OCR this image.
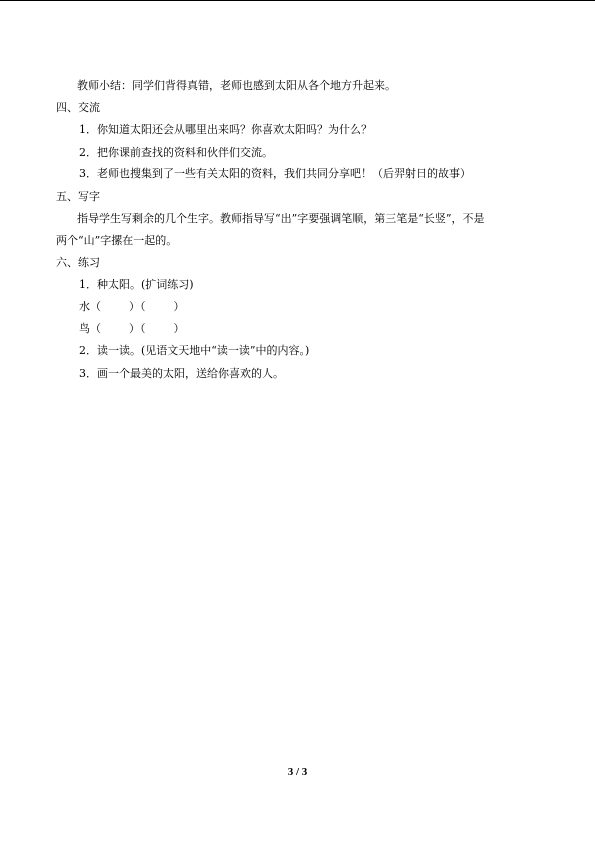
教师小结：同学们背得真错，老师也感到太阳从各个地方升起来。
四、交流
1．你知道太阳还会从哪里出来吗？你喜欢太阳吗？为什么？
2．把你课前查找的资料和伙伴们交流。
3．老师也搜集到了一些有关太阳的资料，我们共同分享吧！（后羿射日的故事）
五、写字
指导学生写剩余的几个生字。教师指导写“出”字要强调笔顺，第三笔是“长竖”，不是
两个“山”字摞在一起的。
六、练习
1．种太阳。(扩词练习)
水（	）（	）
鸟（	）（	）
2．读一读。(见语文天地中“读一读”中的内容。)
3．画一个最美的太阳，送给你喜欢的人。
3 / 3
